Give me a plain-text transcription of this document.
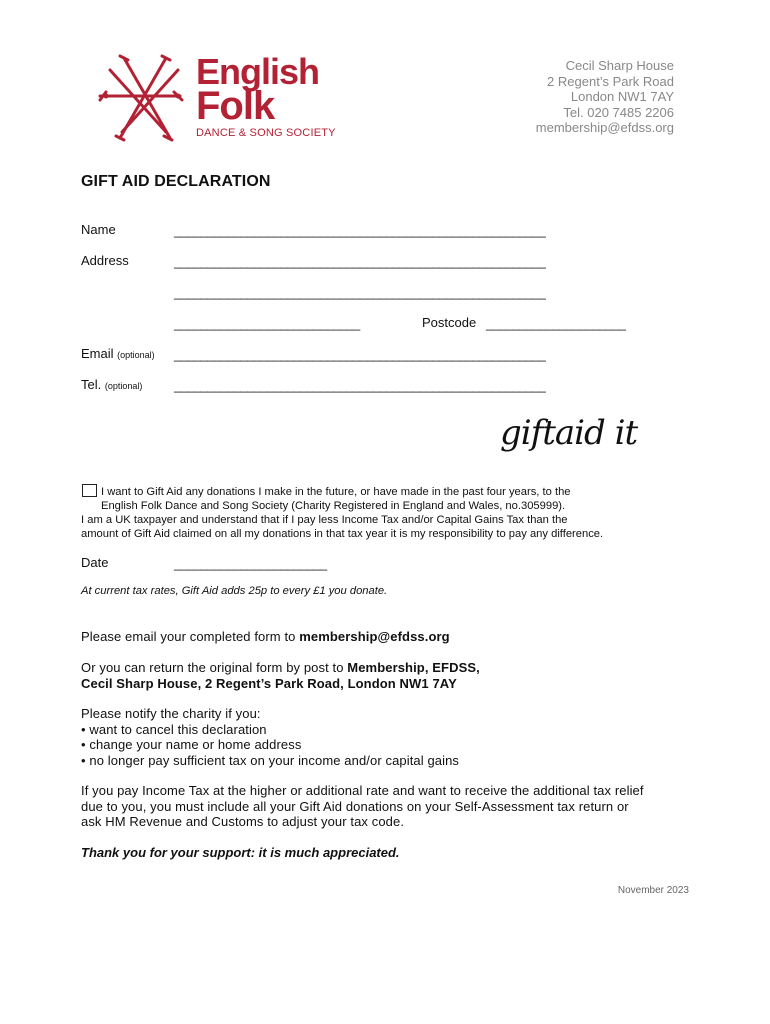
English
Folk
DANCE & SONG SOCIETY
Cecil Sharp House
2 Regent’s Park Road
London NW1 7AY
Tel. 020 7485 2206
membership@efdss.org
GIFT AID DECLARATION
Name	________________________________________________________
Address	________________________________________________________
________________________________________________________
____________________________	Postcode _____________________
Email (optional) ________________________________________________________
Tel. (optional) ________________________________________________________
giftaid it
I want to Gift Aid any donations I make in the future, or have made in the past four years, to the
English Folk Dance and Song Society (Charity Registered in England and Wales, no.305999).
I am a UK taxpayer and understand that if I pay less Income Tax and/or Capital Gains Tax than the
amount of Gift Aid claimed on all my donations in that tax year it is my responsibility to pay any difference.
Date	_______________________
At current tax rates, Gift Aid adds 25p to every £1 you donate.
Please email your completed form to membership@efdss.org
Or you can return the original form by post to Membership, EFDSS,
Cecil Sharp House, 2 Regent’s Park Road, London NW1 7AY
Please notify the charity if you:
• want to cancel this declaration
• change your name or home address
• no longer pay sufficient tax on your income and/or capital gains
If you pay Income Tax at the higher or additional rate and want to receive the additional tax relief
due to you, you must include all your Gift Aid donations on your Self-Assessment tax return or
ask HM Revenue and Customs to adjust your tax code.
Thank you for your support: it is much appreciated.
November 2023
